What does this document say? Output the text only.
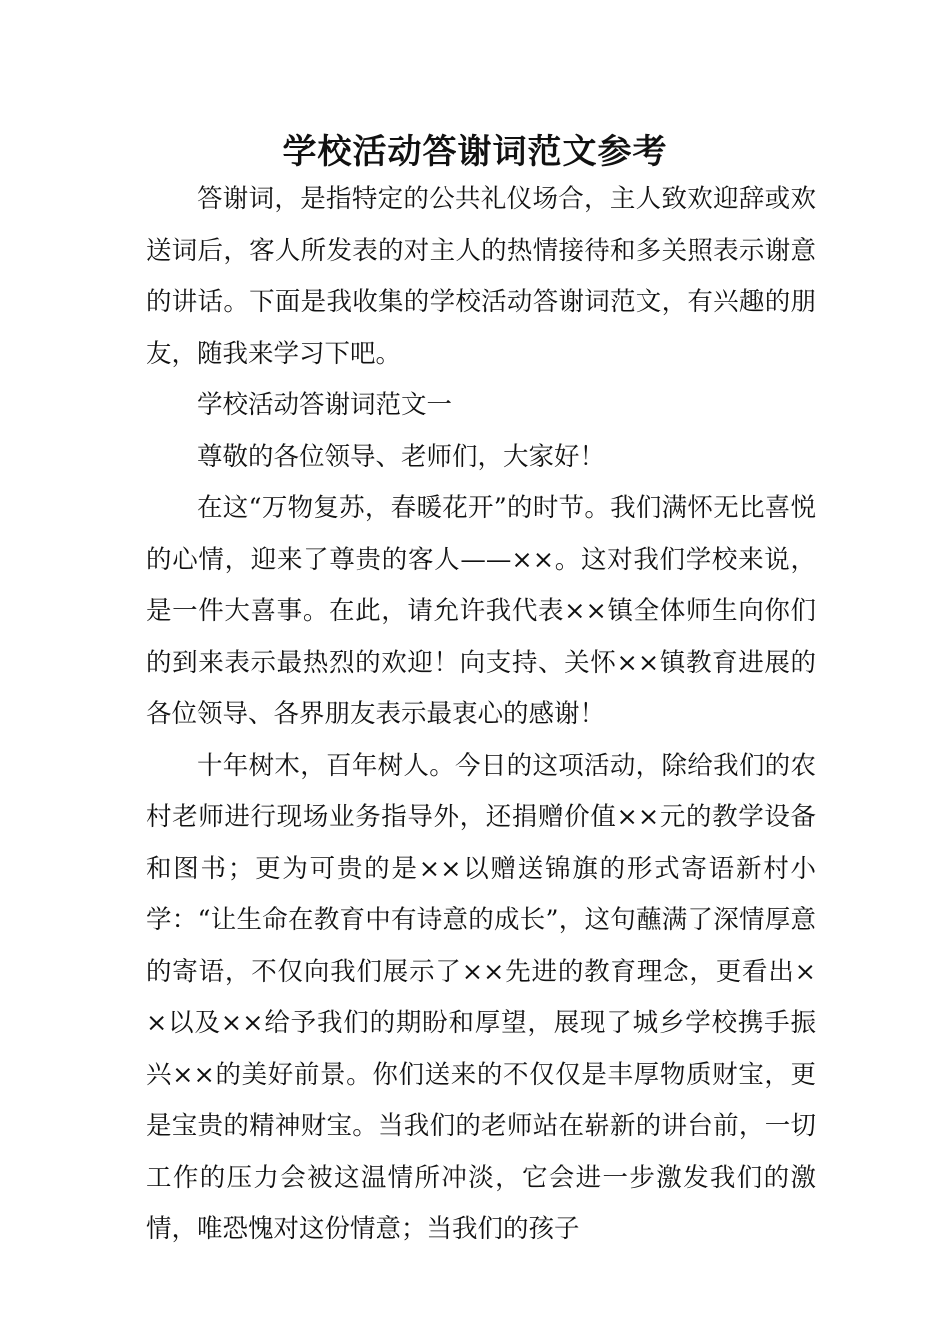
学校活动答谢词范文参考

答谢词，是指特定的公共礼仪场合，主人致欢迎辞或欢送词后，客人所发表的对主人的热情接待和多关照表示谢意的讲话。下面是我收集的学校活动答谢词范文，有兴趣的朋友，随我来学习下吧。

学校活动答谢词范文一

尊敬的各位领导、老师们，大家好！

在这“万物复苏，春暖花开”的时节。我们满怀无比喜悦的心情，迎来了尊贵的客人——××。这对我们学校来说，是一件大喜事。在此，请允许我代表××镇全体师生向你们的到来表示最热烈的欢迎！向支持、关怀××镇教育进展的各位领导、各界朋友表示最衷心的感谢！

十年树木，百年树人。今日的这项活动，除给我们的农村老师进行现场业务指导外，还捐赠价值××元的教学设备和图书；更为可贵的是××以赠送锦旗的形式寄语新村小学：“让生命在教育中有诗意的成长”，这句蘸满了深情厚意的寄语，不仅向我们展示了××先进的教育理念，更看出××以及××给予我们的期盼和厚望，展现了城乡学校携手振兴××的美好前景。你们送来的不仅仅是丰厚物质财宝，更是宝贵的精神财宝。当我们的老师站在崭新的讲台前，一切工作的压力会被这温情所冲淡，它会进一步激发我们的激情，唯恐愧对这份情意；当我们的孩子
